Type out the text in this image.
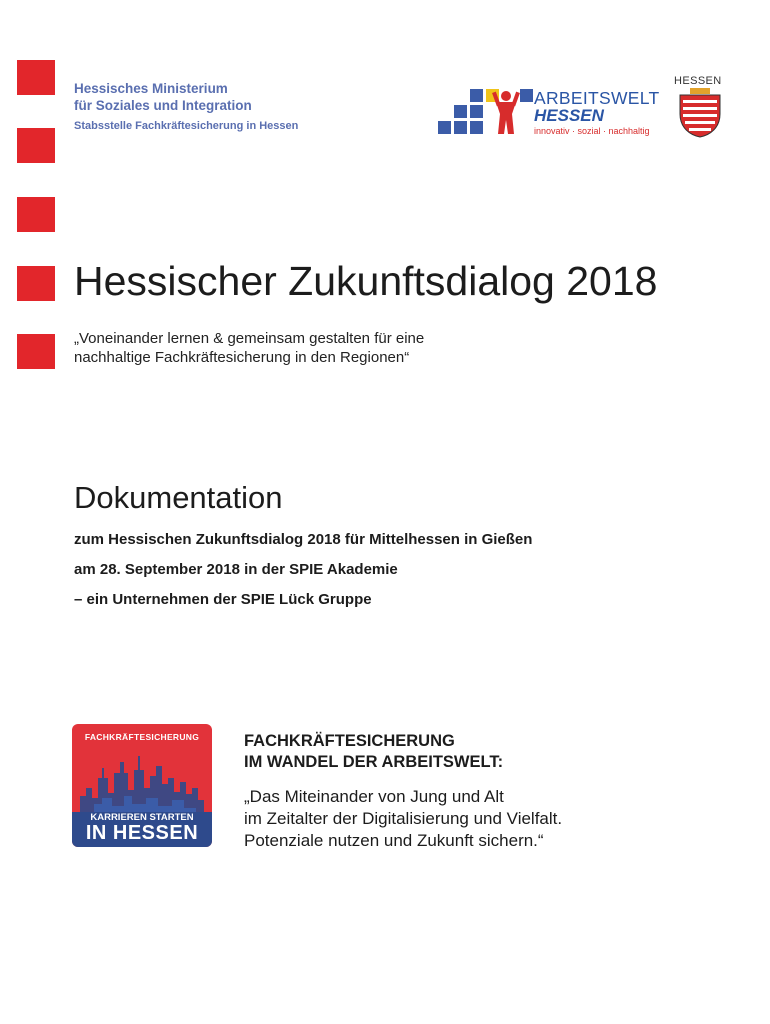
Hessisches Ministerium
für Soziales und Integration
Stabsstelle Fachkräftesicherung in Hessen
ARBEITSWELT
HESSEN
innovativ · sozial · nachhaltig
HESSEN
Hessischer Zukunftsdialog 2018
„Voneinander lernen & gemeinsam gestalten für eine
nachhaltige Fachkräftesicherung in den Regionen“
Dokumentation
zum Hessischen Zukunftsdialog 2018 für Mittelhessen in Gießen
am 28. September 2018 in der SPIE Akademie
– ein Unternehmen der SPIE Lück Gruppe
FACHKRÄFTESICHERUNG
KARRIEREN STARTEN
IN HESSEN
FACHKRÄFTESICHERUNG
IM WANDEL DER ARBEITSWELT:
„Das Miteinander von Jung und Alt
im Zeitalter der Digitalisierung und Vielfalt.
Potenziale nutzen und Zukunft sichern.“
